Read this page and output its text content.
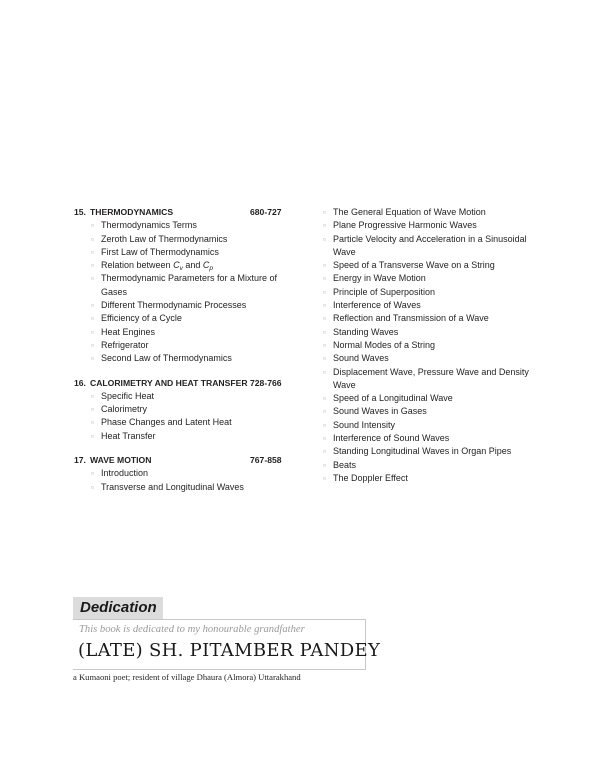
15. THERMODYNAMICS	680-727
▫ Thermodynamics Terms
▫ Zeroth Law of Thermodynamics
▫ First Law of Thermodynamics
▫ Relation between $C_v$ and $C_p$
▫ Thermodynamic Parameters for a Mixture of Gases
▫ Different Thermodynamic Processes
▫ Efficiency of a Cycle
▫ Heat Engines
▫ Refrigerator
▫ Second Law of Thermodynamics
16. CALORIMETRY AND HEAT TRANSFER 728-766
▫ Specific Heat
▫ Calorimetry
▫ Phase Changes and Latent Heat
▫ Heat Transfer
17. WAVE MOTION	767-858
▫ Introduction
▫ Transverse and Longitudinal Waves
▫ The General Equation of Wave Motion
▫ Plane Progressive Harmonic Waves
▫ Particle Velocity and Acceleration in a Sinusoidal Wave
▫ Speed of a Transverse Wave on a String
▫ Energy in Wave Motion
▫ Principle of Superposition
▫ Interference of Waves
▫ Reflection and Transmission of a Wave
▫ Standing Waves
▫ Normal Modes of a String
▫ Sound Waves
▫ Displacement Wave, Pressure Wave and Density Wave
▫ Speed of a Longitudinal Wave
▫ Sound Waves in Gases
▫ Sound Intensity
▫ Interference of Sound Waves
▫ Standing Longitudinal Waves in Organ Pipes
▫ Beats
▫ The Doppler Effect
Dedication
This book is dedicated to my honourable grandfather
(LATE) SH. PITAMBER PANDEY
a Kumaoni poet; resident of village Dhaura (Almora) Uttarakhand
